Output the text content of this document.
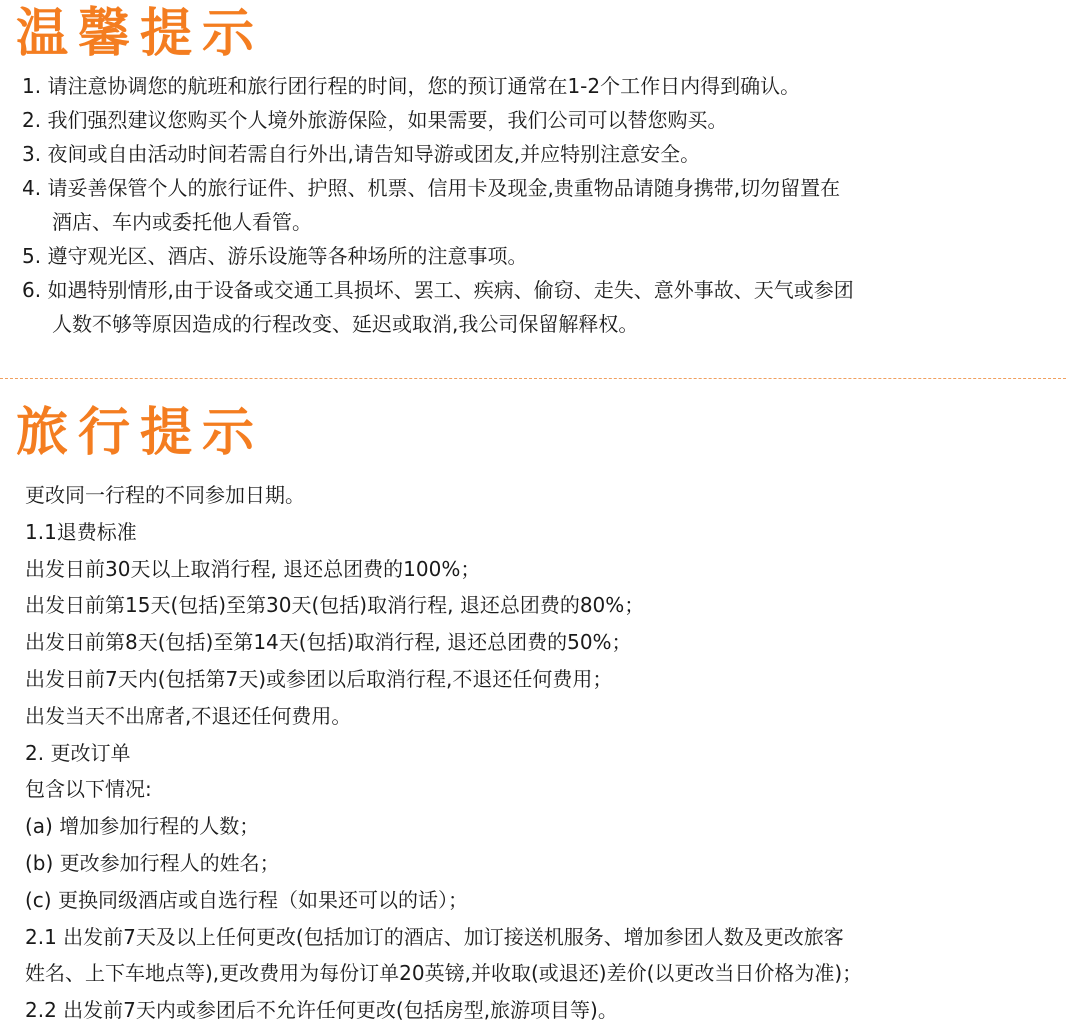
温馨提示
1. 请注意协调您的航班和旅行团行程的时间，您的预订通常在1-2个工作日内得到确认。
2. 我们强烈建议您购买个人境外旅游保险，如果需要，我们公司可以替您购买。
3. 夜间或自由活动时间若需自行外出,请告知导游或团友,并应特别注意安全。
4. 请妥善保管个人的旅行证件、护照、机票、信用卡及现金,贵重物品请随身携带,切勿留置在
酒店、车内或委托他人看管。
5. 遵守观光区、酒店、游乐设施等各种场所的注意事项。
6. 如遇特别情形,由于设备或交通工具损坏、罢工、疾病、偷窃、走失、意外事故、天气或参团
人数不够等原因造成的行程改变、延迟或取消,我公司保留解释权。
旅行提示
更改同一行程的不同参加日期。
1.1退费标准
出发日前30天以上取消行程, 退还总团费的100%；
出发日前第15天(包括)至第30天(包括)取消行程, 退还总团费的80%；
出发日前第8天(包括)至第14天(包括)取消行程, 退还总团费的50%；
出发日前7天内(包括第7天)或参团以后取消行程,不退还任何费用；
出发当天不出席者,不退还任何费用。
2. 更改订单
包含以下情况:
(a) 增加参加行程的人数；
(b) 更改参加行程人的姓名；
(c) 更换同级酒店或自选行程（如果还可以的话）；
2.1 出发前7天及以上任何更改(包括加订的酒店、加订接送机服务、增加参团人数及更改旅客
姓名、上下车地点等),更改费用为每份订单20英镑,并收取(或退还)差价(以更改当日价格为准)；
2.2 出发前7天内或参团后不允许任何更改(包括房型,旅游项目等)。
